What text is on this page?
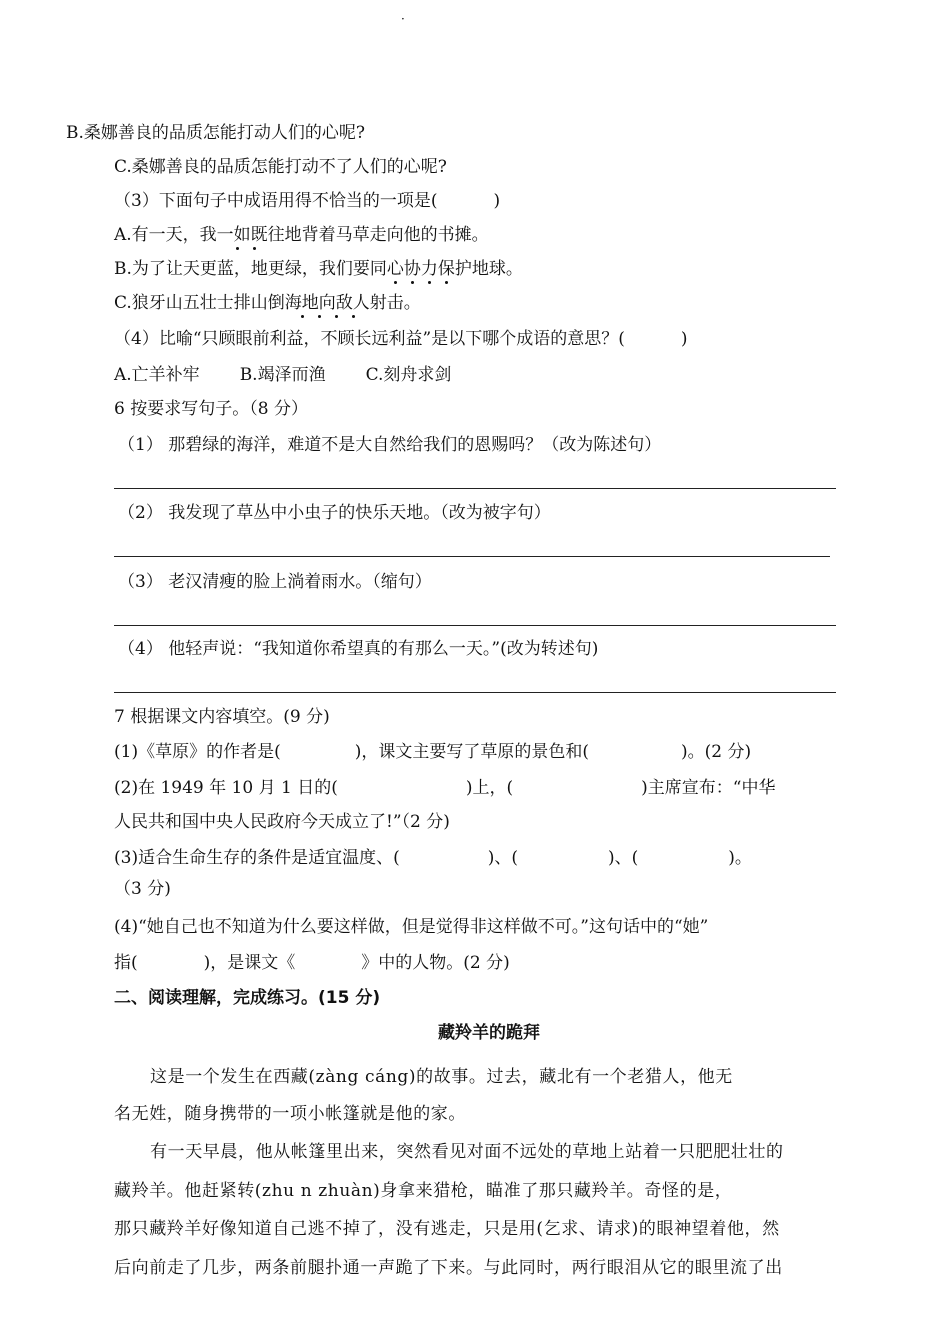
·
B.桑娜善良的品质怎能打动人们的心呢?
C.桑娜善良的品质怎能打动不了人们的心呢?
（3）下面句子中成语用得不恰当的一项是(	)
A.有一天，我一如既往地背着马草走向他的书摊。
B.为了让天更蓝，地更绿，我们要同心协力保护地球。
C.狼牙山五壮士排山倒海地向敌人射击。
（4）比喻“只顾眼前利益，不顾长远利益”是以下哪个成语的意思？(	)
A.亡羊补牢 B.竭泽而渔 C.刻舟求剑
6 按要求写句子。（8 分）
（1） 那碧绿的海洋，难道不是大自然给我们的恩赐吗？（改为陈述句）
（2） 我发现了草丛中小虫子的快乐天地。（改为被字句）
（3） 老汉清瘦的脸上淌着雨水。（缩句）
（4） 他轻声说：“我知道你希望真的有那么一天。”(改为转述句)
7 根据课文内容填空。(9 分)
(1)《草原》的作者是(	)，课文主要写了草原的景色和(	)。(2 分)
(2)在 1949 年 10 月 1 日的(	)上，(	)主席宣布：“中华
人民共和国中央人民政府今天成立了!”（2 分)
(3)适合生命生存的条件是适宜温度、(	)、(	)、(	)。
（3 分)
(4)“她自己也不知道为什么要这样做，但是觉得非这样做不可。”这句话中的“她”
指(	)，是课文《	》中的人物。(2 分)
二、阅读理解，完成练习。(15 分)
藏羚羊的跪拜
这是一个发生在西藏(zàng cáng)的故事。过去，藏北有一个老猎人，他无
名无姓，随身携带的一项小帐篷就是他的家。
有一天早晨，他从帐篷里出来，突然看见对面不远处的草地上站着一只肥肥壮壮的
藏羚羊。他赶紧转(zhu n zhuàn)身拿来猎枪，瞄准了那只藏羚羊。奇怪的是，
那只藏羚羊好像知道自己逃不掉了，没有逃走，只是用(乞求、请求)的眼神望着他，然
后向前走了几步，两条前腿扑通一声跪了下来。与此同时，两行眼泪从它的眼里流了出
